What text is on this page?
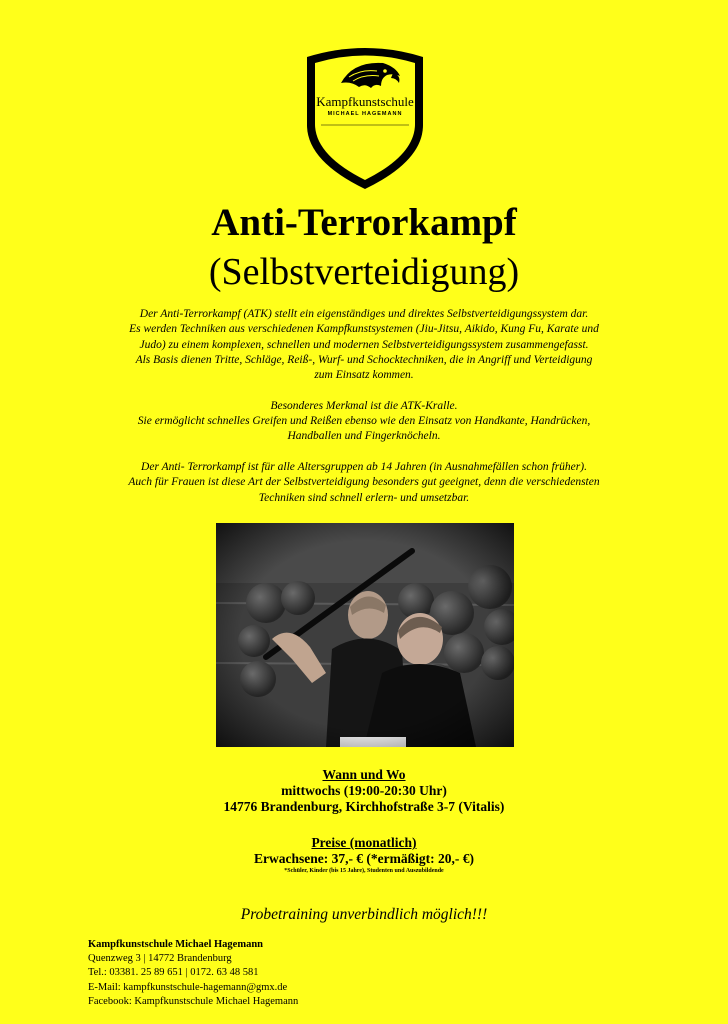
Kampfkunstschule
MICHAEL HAGEMANN
Anti-Terrorkampf
(Selbstverteidigung)

Der Anti-Terrorkampf (ATK) stellt ein eigenständiges und direktes Selbstverteidigungssystem dar.
Es werden Techniken aus verschiedenen Kampfkunstsystemen (Jiu-Jitsu, Aikido, Kung Fu, Karate und
Judo) zu einem komplexen, schnellen und modernen Selbstverteidigungssystem zusammengefasst.
Als Basis dienen Tritte, Schläge, Reiß-, Wurf- und Schocktechniken, die in Angriff und Verteidigung
zum Einsatz kommen.

Besonderes Merkmal ist die ATK-Kralle.
Sie ermöglicht schnelles Greifen und Reißen ebenso wie den Einsatz von Handkante, Handrücken,
Handballen und Fingerknöcheln.

Der Anti- Terrorkampf ist für alle Altersgruppen ab 14 Jahren (in Ausnahmefällen schon früher).
Auch für Frauen ist diese Art der Selbstverteidigung besonders gut geeignet, denn die verschiedensten
Techniken sind schnell erlern- und umsetzbar.

Wann und Wo
mittwochs (19:00-20:30 Uhr)
14776 Brandenburg, Kirchhofstraße 3-7 (Vitalis)
Preise (monatlich)
Erwachsene: 37,- € (*ermäßigt: 20,- €)
*Schüler, Kinder (bis 15 Jahre), Studenten und Auszubildende
Probetraining unverbindlich möglich!!!
Kampfkunstschule Michael Hagemann
Quenzweg 3 | 14772 Brandenburg
Tel.: 03381. 25 89 651 | 0172. 63 48 581
E-Mail: kampfkunstschule-hagemann@gmx.de
Facebook: Kampfkunstschule Michael Hagemann
